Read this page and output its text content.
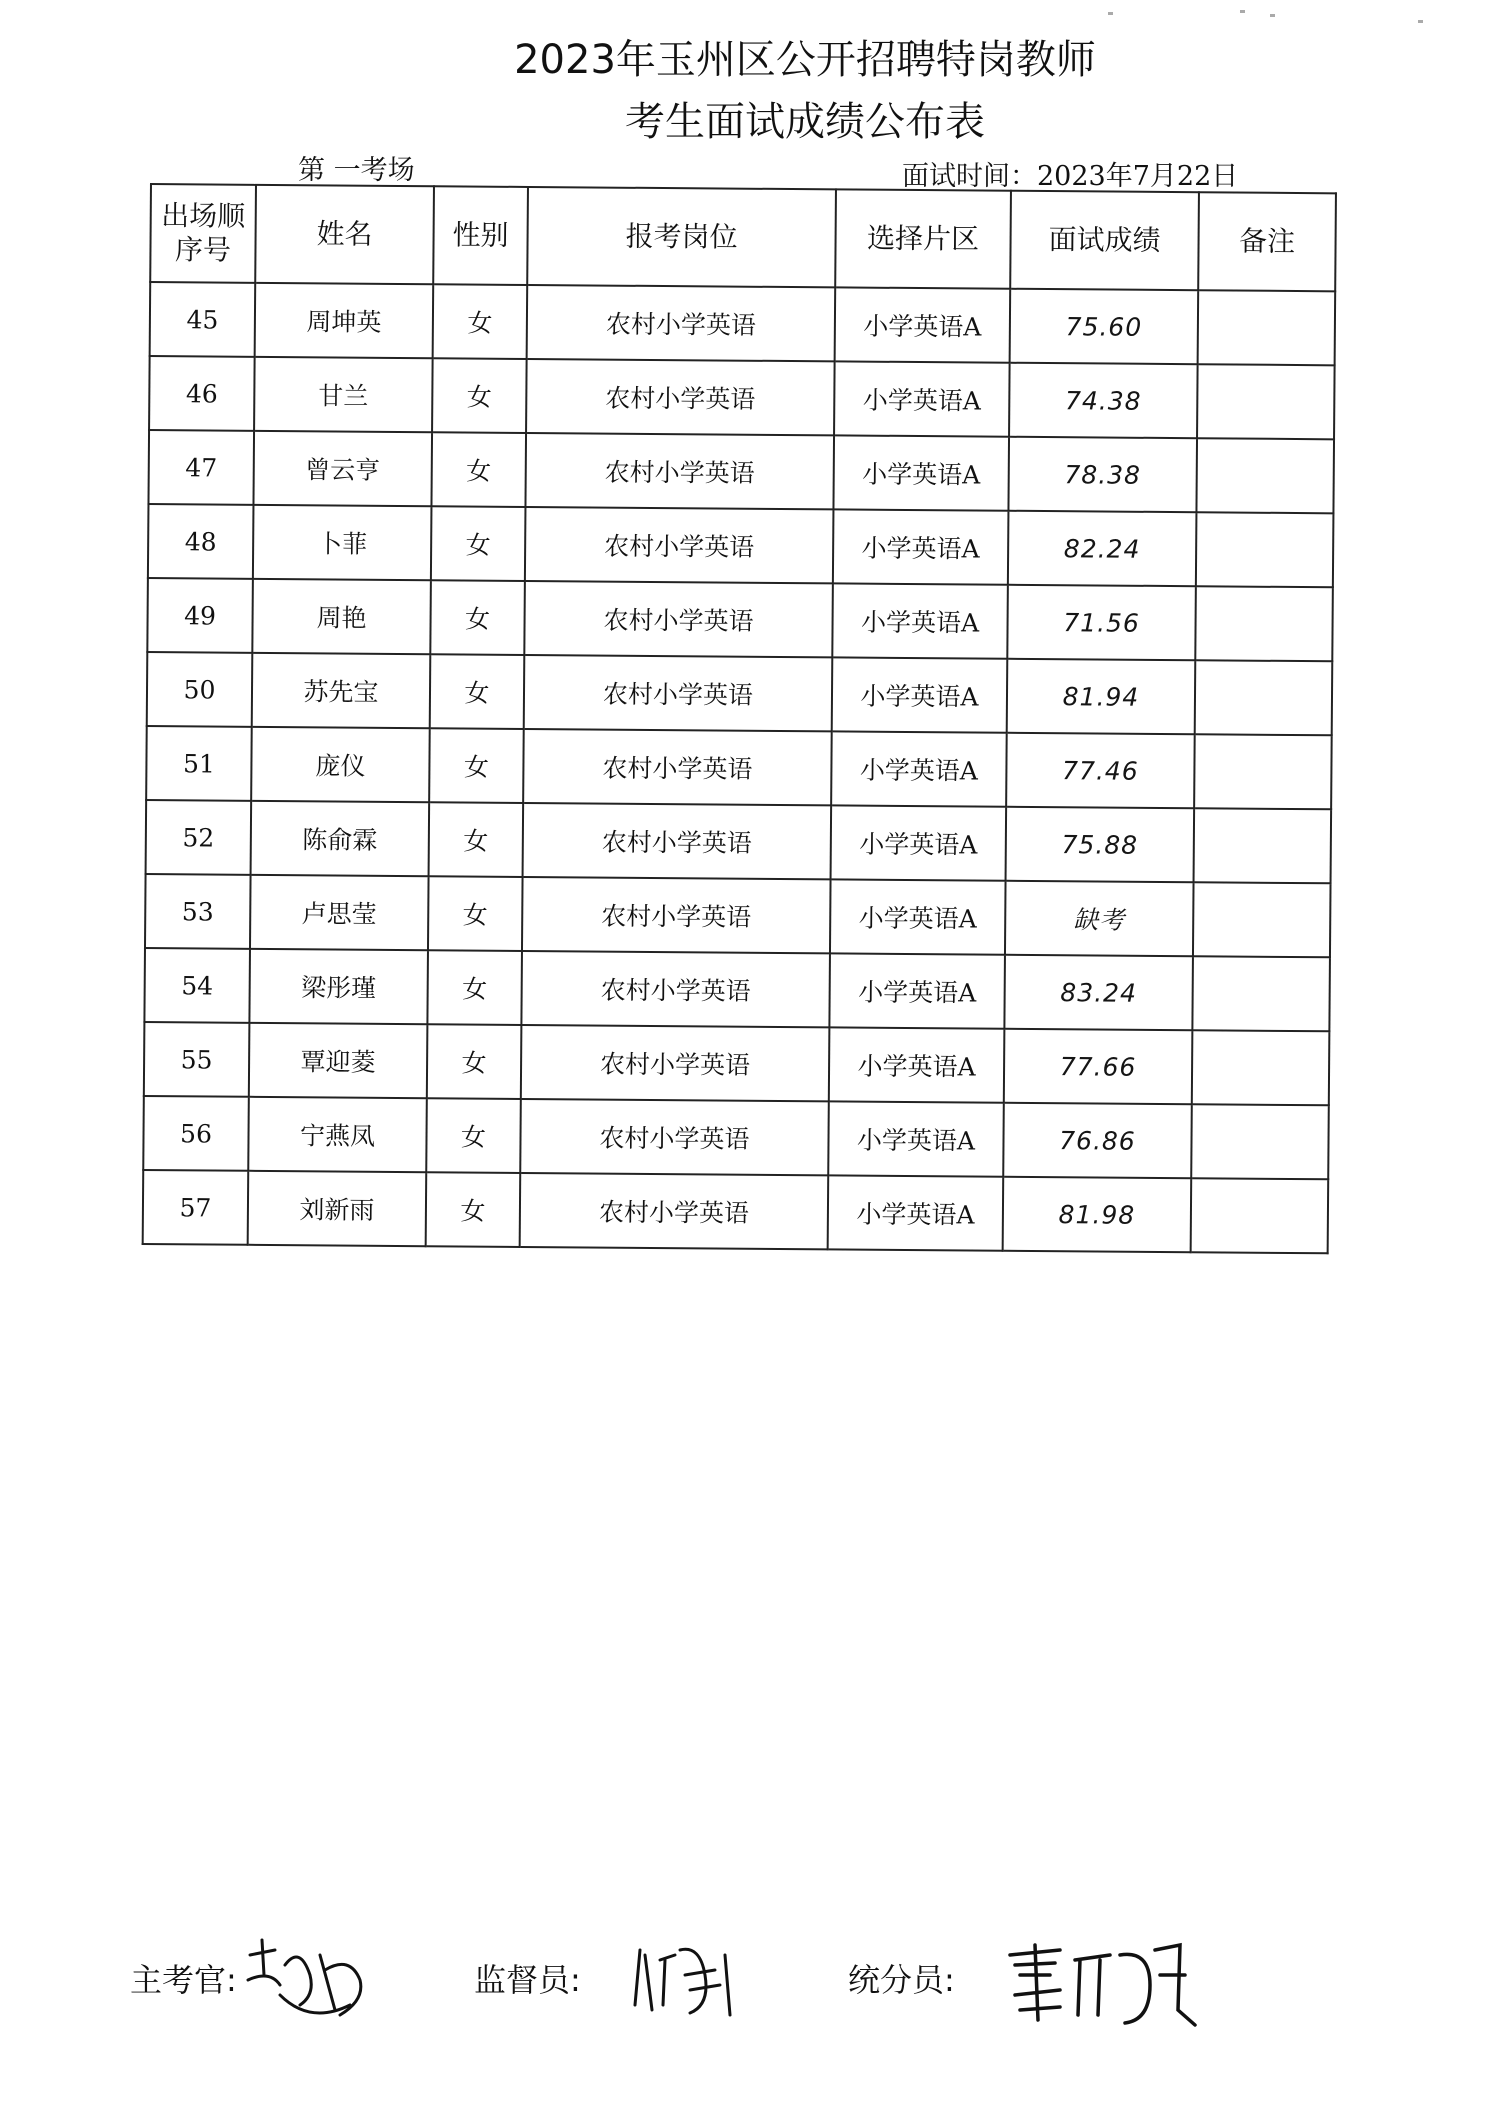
2023年玉州区公开招聘特岗教师
考生面试成绩公布表
第 一考场	面试时间：2023年7月22日
出场顺序号	姓名	性别	报考岗位	选择片区	面试成绩	备注
45	周坤英	女	农村小学英语	小学英语A	75.60	
46	甘兰	女	农村小学英语	小学英语A	74.38	
47	曾云亨	女	农村小学英语	小学英语A	78.38	
48	卜菲	女	农村小学英语	小学英语A	82.24	
49	周艳	女	农村小学英语	小学英语A	71.56	
50	苏先宝	女	农村小学英语	小学英语A	81.94	
51	庞仪	女	农村小学英语	小学英语A	77.46	
52	陈俞霖	女	农村小学英语	小学英语A	75.88	
53	卢思莹	女	农村小学英语	小学英语A	缺考	
54	梁彤瑾	女	农村小学英语	小学英语A	83.24	
55	覃迎菱	女	农村小学英语	小学英语A	77.66	
56	宁燕凤	女	农村小学英语	小学英语A	76.86	
57	刘新雨	女	农村小学英语	小学英语A	81.98	
主考官:	监督员:	统分员:
